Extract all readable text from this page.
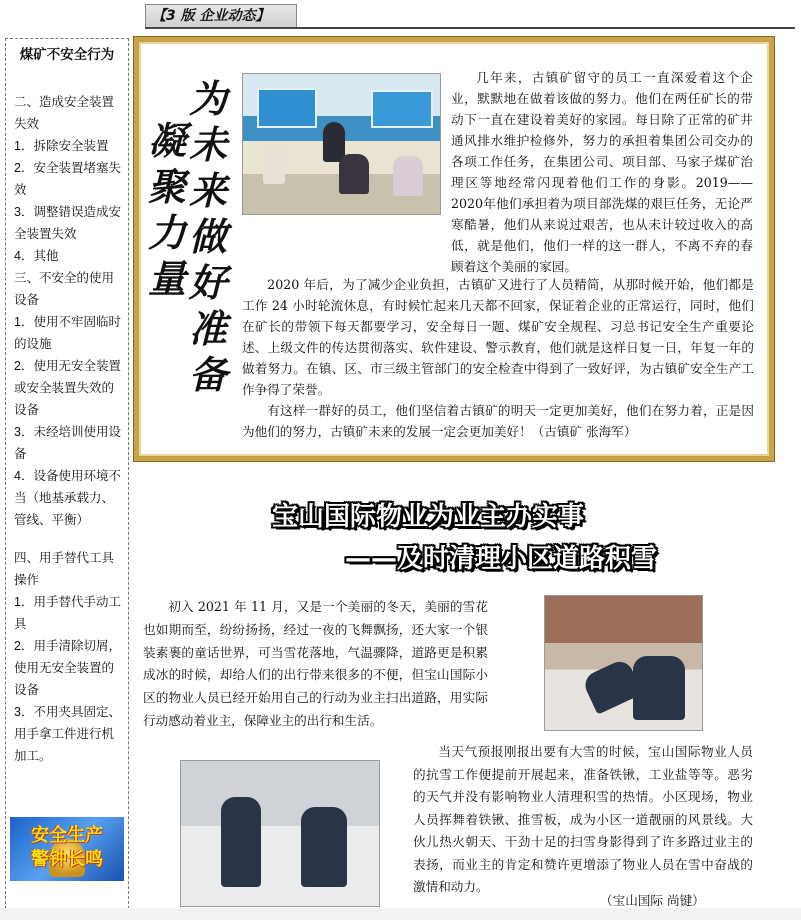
【3 版 企业动态】
煤矿不安全行为

二、造成安全装置失效

1．拆除安全装置

2．安全装置堵塞失效

3．调整错误造成安全装置失效

4．其他

三、不安全的使用设备

1．使用不牢固临时的设施

2．使用无安全装置或安全装置失效的设备

3．未经培训使用设备

4．设备使用环境不当（地基承载力、管线、平衡）

四、用手替代工具操作

1．用手替代手动工具

2．用手清除切屑，使用无安全装置的设备

3．不用夹具固定、用手拿工件进行机加工。

安全生产
警钟长鸣
凝聚力量
为未来做好准备
几年来，古镇矿留守的员工一直深爱着这个企业，默默地在做着该做的努力。他们在两任矿长的带动下一直在建设着美好的家园。每日除了正常的矿井通风排水维护检修外，努力的承担着集团公司交办的各项工作任务，在集团公司、项目部、马家子煤矿治理区等地经常闪现着他们工作的身影。2019——2020年他们承担着为项目部洗煤的艰巨任务，无论严寒酷暑，他们从来说过艰苦，也从未计较过收入的高低，就是他们，他们一样的这一群人，不离不弃的春顾着这个美丽的家园。
2020 年后，为了减少企业负担，古镇矿又进行了人员精简，从那时候开始，他们都是工作 24 小时轮流休息，有时候忙起来几天都不回家，保证着企业的正常运行，同时，他们在矿长的带领下每天都要学习，安全每日一题、煤矿安全规程、习总书记安全生产重要论述、上级文件的传达贯彻落实、软件建设、警示教育，他们就是这样日复一日，年复一年的做着努力。在镇、区、市三级主管部门的安全检查中得到了一致好评，为古镇矿安全生产工作争得了荣誉。
有这样一群好的员工，他们坚信着古镇矿的明天一定更加美好，他们在努力着，正是因为他们的努力，古镇矿未来的发展一定会更加美好！（古镇矿 张海军）
宝山国际物业为业主办实事
——及时清理小区道路积雪
初入 2021 年 11 月，又是一个美丽的冬天，美丽的雪花也如期而至，纷纷扬扬，经过一夜的飞舞飘扬，还大家一个银装素裹的童话世界，可当雪花落地，气温骤降，道路更是积累成冰的时候，却给人们的出行带来很多的不便，但宝山国际小区的物业人员已经开始用自己的行动为业主扫出道路，用实际行动感动着业主，保障业主的出行和生活。
当天气预报刚报出要有大雪的时候，宝山国际物业人员的抗雪工作便提前开展起来，准备铁锹，工业盐等等。恶劣的天气并没有影响物业人清理积雪的热情。小区现场，物业人员挥舞着铁锹、推雪板，成为小区一道靓丽的风景线。大伙儿热火朝天、干劲十足的扫雪身影得到了许多路过业主的表扬，而业主的肯定和赞许更增添了物业人员在雪中奋战的激情和动力。
（宝山国际 尚键）
